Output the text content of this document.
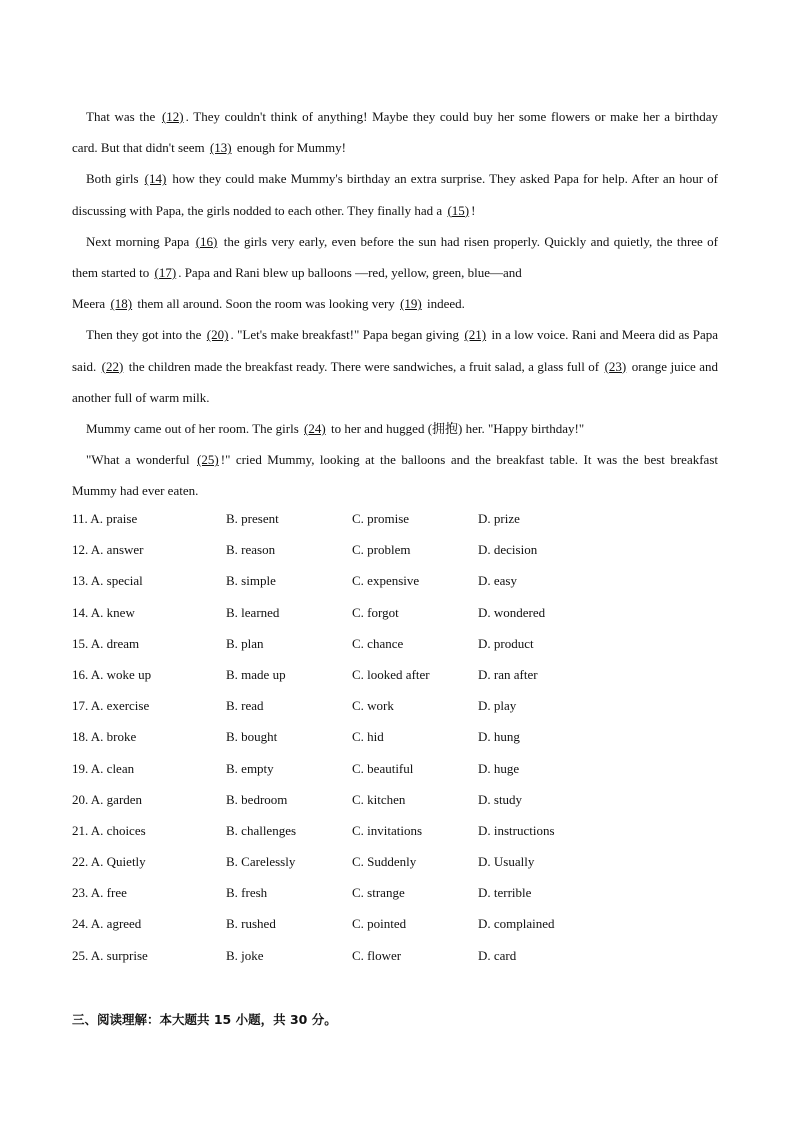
That was the (12) . They couldn't think of anything! Maybe they could buy her some flowers or make her a birthday card. But that didn't seem (13) enough for Mummy!

Both girls (14) how they could make Mummy's birthday an extra surprise. They asked Papa for help. After an hour of discussing with Papa, the girls nodded to each other. They finally had a (15) !

Next morning Papa (16) the girls very early, even before the sun had risen properly. Quickly and quietly, the three of them started to (17) . Papa and Rani blew up balloons —red, yellow, green, blue—and

Meera (18) them all around. Soon the room was looking very (19) indeed.

Then they got into the (20) . "Let's make breakfast!" Papa began giving (21) in a low voice. Rani and Meera did as Papa said. (22) the children made the breakfast ready. There were sandwiches, a fruit salad, a glass full of (23) orange juice and another full of warm milk.

Mummy came out of her room. The girls (24) to her and hugged (拥抱) her. "Happy birthday!"

"What a wonderful (25) !" cried Mummy, looking at the balloons and the breakfast table. It was the best breakfast Mummy had ever eaten.

11. A. praise	B. present	C. promise	D. prize
12. A. answer	B. reason	C. problem	D. decision
13. A. special	B. simple	C. expensive	D. easy
14. A. knew	B. learned	C. forgot	D. wondered
15. A. dream	B. plan	C. chance	D. product
16. A. woke up	B. made up	C. looked after	D. ran after
17. A. exercise	B. read	C. work	D. play
18. A. broke	B. bought	C. hid	D. hung
19. A. clean	B. empty	C. beautiful	D. huge
20. A. garden	B. bedroom	C. kitchen	D. study
21. A. choices	B. challenges	C. invitations	D. instructions
22. A. Quietly	B. Carelessly	C. Suddenly	D. Usually
23. A. free	B. fresh	C. strange	D. terrible
24. A. agreed	B. rushed	C. pointed	D. complained
25. A. surprise	B. joke	C. flower	D. card
三、阅读理解：本大题共 15 小题，共 30 分。
